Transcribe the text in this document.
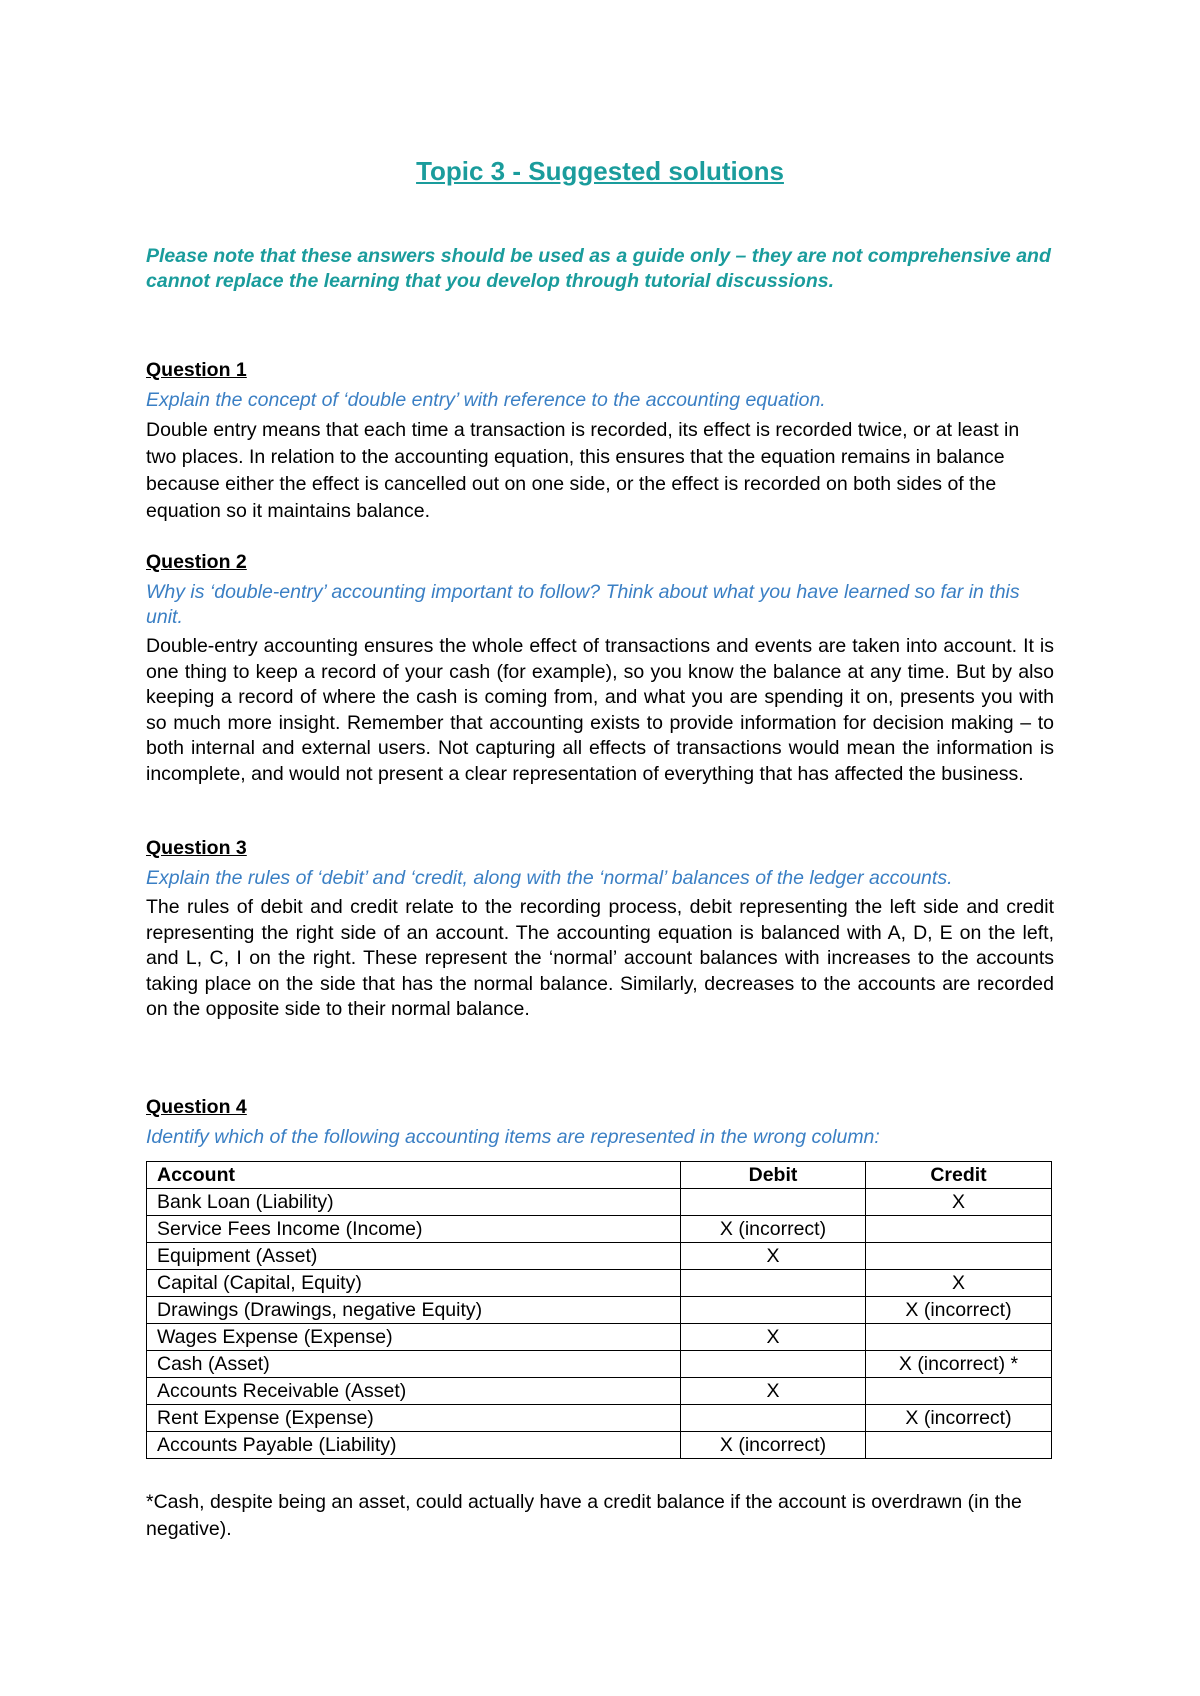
Topic 3 - Suggested solutions
Please note that these answers should be used as a guide only – they are not comprehensive and cannot replace the learning that you develop through tutorial discussions.
Question 1
Explain the concept of ‘double entry’ with reference to the accounting equation.
Double entry means that each time a transaction is recorded, its effect is recorded twice, or at least in two places. In relation to the accounting equation, this ensures that the equation remains in balance because either the effect is cancelled out on one side, or the effect is recorded on both sides of the equation so it maintains balance.
Question 2
Why is ‘double-entry’ accounting important to follow? Think about what you have learned so far in this unit.
Double-entry accounting ensures the whole effect of transactions and events are taken into account. It is one thing to keep a record of your cash (for example), so you know the balance at any time. But by also keeping a record of where the cash is coming from, and what you are spending it on, presents you with so much more insight. Remember that accounting exists to provide information for decision making – to both internal and external users. Not capturing all effects of transactions would mean the information is incomplete, and would not present a clear representation of everything that has affected the business.
Question 3
Explain the rules of ‘debit’ and ‘credit, along with the ‘normal’ balances of the ledger accounts.
The rules of debit and credit relate to the recording process, debit representing the left side and credit representing the right side of an account. The accounting equation is balanced with A, D, E on the left, and L, C, I on the right. These represent the ‘normal’ account balances with increases to the accounts taking place on the side that has the normal balance. Similarly, decreases to the accounts are recorded on the opposite side to their normal balance.
Question 4
Identify which of the following accounting items are represented in the wrong column:
Account	Debit	Credit
Bank Loan (Liability)		X
Service Fees Income (Income)	X (incorrect)	
Equipment (Asset)	X	
Capital (Capital, Equity)		X
Drawings (Drawings, negative Equity)		X (incorrect)
Wages Expense (Expense)	X	
Cash (Asset)		X (incorrect) *
Accounts Receivable (Asset)	X	
Rent Expense (Expense)		X (incorrect)
Accounts Payable (Liability)	X (incorrect)	
*Cash, despite being an asset, could actually have a credit balance if the account is overdrawn (in the negative).
